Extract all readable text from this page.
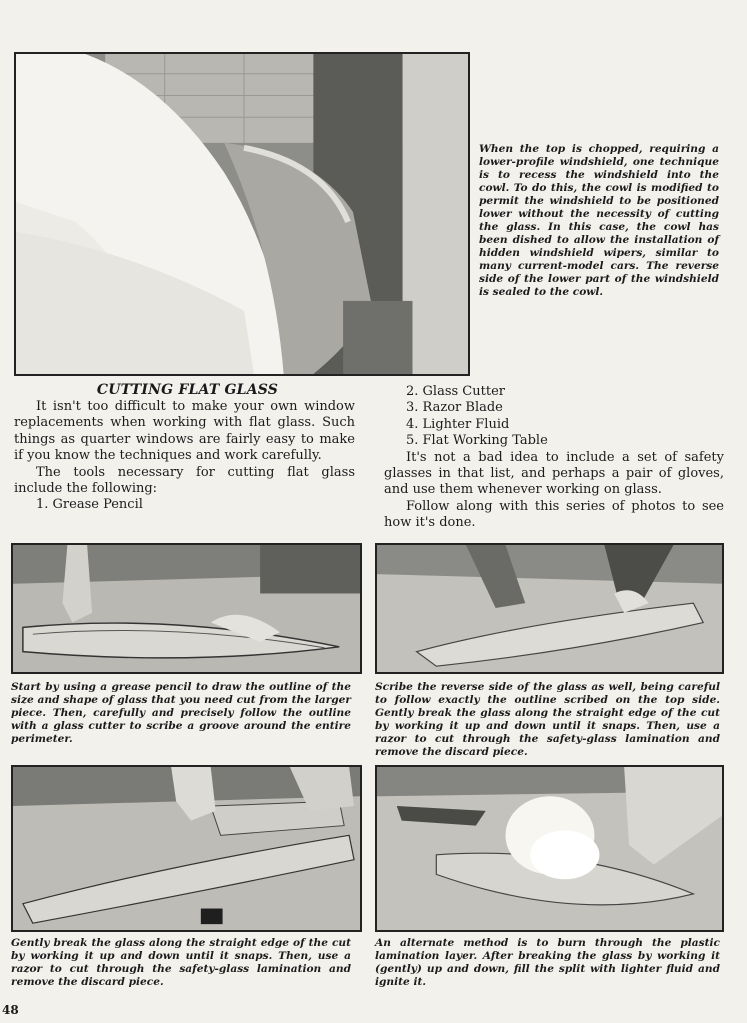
When the top is chopped, requiring a lower-profile windshield, one technique is to recess the windshield into the cowl. To do this, the cowl is modified to permit the windshield to be positioned lower without the necessity of cutting the glass. In this case, the cowl has been dished to allow the installation of hidden windshield wipers, similar to many current-model cars. The reverse side of the lower part of the windshield is sealed to the cowl.

CUTTING FLAT GLASS

It isn't too difficult to make your own window replacements when working with flat glass. Such things as quarter windows are fairly easy to make if you know the techniques and work carefully.

The tools necessary for cutting flat glass include the following:

1. Grease Pencil
2. Glass Cutter
3. Razor Blade
4. Lighter Fluid
5. Flat Working Table

It's not a bad idea to include a set of safety glasses in that list, and perhaps a pair of gloves, and use them whenever working on glass.

Follow along with this series of photos to see how it's done.

Start by using a grease pencil to draw the outline of the size and shape of glass that you need cut from the larger piece. Then, carefully and precisely follow the outline with a glass cutter to scribe a groove around the entire perimeter.

Scribe the reverse side of the glass as well, being careful to follow exactly the outline scribed on the top side. Gently break the glass along the straight edge of the cut by working it up and down until it snaps. Then, use a razor to cut through the safety-glass lamination and remove the discard piece.

Gently break the glass along the straight edge of the cut by working it up and down until it snaps. Then, use a razor to cut through the safety-glass lamination and remove the discard piece.

An alternate method is to burn through the plastic lamination layer. After breaking the glass by working it (gently) up and down, fill the split with lighter fluid and ignite it.

48
